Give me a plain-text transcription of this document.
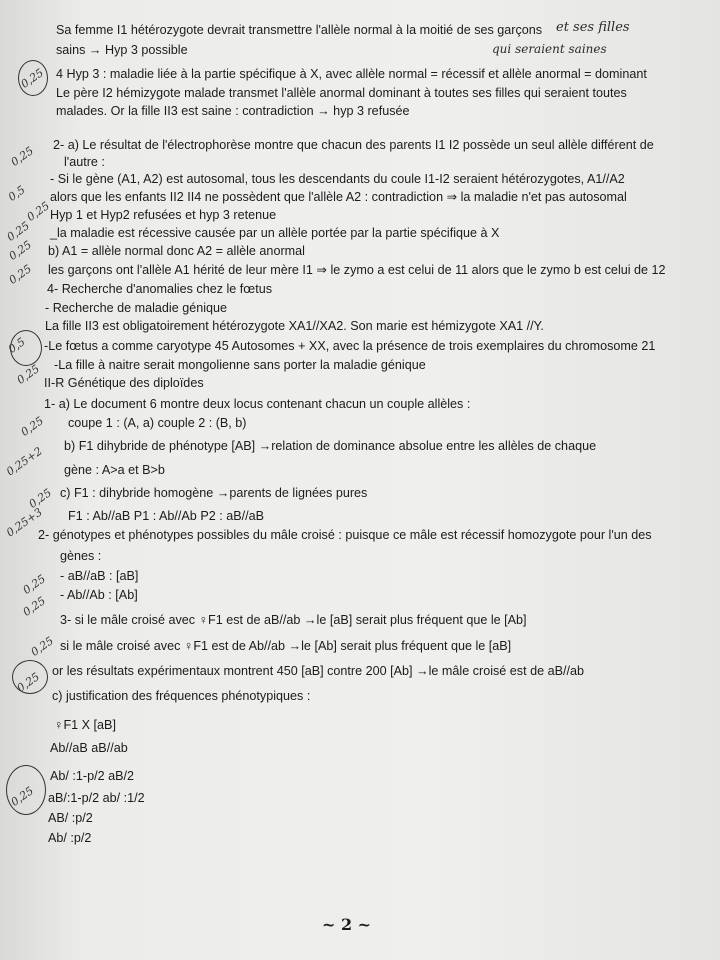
Sa femme I1 hétérozygote devrait transmettre l'allèle normal à la moitié de ses garçons
sains → Hyp 3 possible
4 Hyp 3 : maladie liée à la partie spécifique à X, avec allèle normal = récessif et allèle anormal = dominant
Le père I2 hémizygote malade transmet l'allèle anormal dominant à toutes ses filles qui seraient toutes
malades. Or la fille II3 est saine : contradiction → hyp 3 refusée
2- a) Le résultat de l'électrophorèse montre que chacun des parents I1 I2 possède un seul allèle différent de
l'autre :
- Si le gène (A1, A2) est autosomal, tous les descendants du coule I1-I2 seraient hétérozygotes, A1//A2
alors que les enfants II2 II4 ne possèdent que l'allèle A2 : contradiction ⇒ la maladie n'et pas autosomal
Hyp 1 et Hyp2 refusées et hyp 3 retenue
_la maladie est récessive causée par un allèle portée par la partie spécifique à X
b) A1 = allèle normal donc A2 = allèle anormal
les garçons ont l'allèle A1 hérité de leur mère I1 ⇒ le zymo a est celui de 11 alors que le zymo b est celui de 12
4- Recherche d'anomalies chez le fœtus
- Recherche de maladie génique
La fille II3 est obligatoirement hétérozygote XA1//XA2. Son marie est hémizygote XA1 //Y.
-Le fœtus a comme caryotype 45 Autosomes + XX, avec la présence de trois exemplaires du chromosome 21
-La fille à naitre serait mongolienne sans porter la maladie génique
II-R Génétique des diploïdes
1- a) Le document 6 montre deux locus contenant chacun un couple allèles :
coupe 1 : (A, a) couple 2 : (B, b)
b) F1 dihybride de phénotype [AB] →relation de dominance absolue entre les allèles de chaque
gène : A>a et B>b
c) F1 : dihybride homogène →parents de lignées pures
F1 : Ab//aB P1 : Ab//Ab P2 : aB//aB
2- génotypes et phénotypes possibles du mâle croisé : puisque ce mâle est récessif homozygote pour l'un des
gènes :
- aB//aB : [aB]
- Ab//Ab : [Ab]
3- si le mâle croisé avec ♀F1 est de aB//ab →le [aB] serait plus fréquent que le [Ab]
si le mâle croisé avec ♀F1 est de Ab//ab →le [Ab] serait plus fréquent que le [aB]
or les résultats expérimentaux montrent 450 [aB] contre 200 [Ab] →le mâle croisé est de aB//ab
c) justification des fréquences phénotypiques :
♀F1 X [aB]
Ab//aB aB//ab
Ab/ :1-p/2 aB/2
aB/:1-p/2 ab/ :1/2
AB/ :p/2
Ab/ :p/2
et ses filles
qui seraient saines
0,25
0,25
0,5
0,25
0,25
0,25
0,25
0,5
0,25
0,25
0,25+2
0,25
0,25+3
0,25
0,25
0,25
0,25
0,25
~ 2 ~
